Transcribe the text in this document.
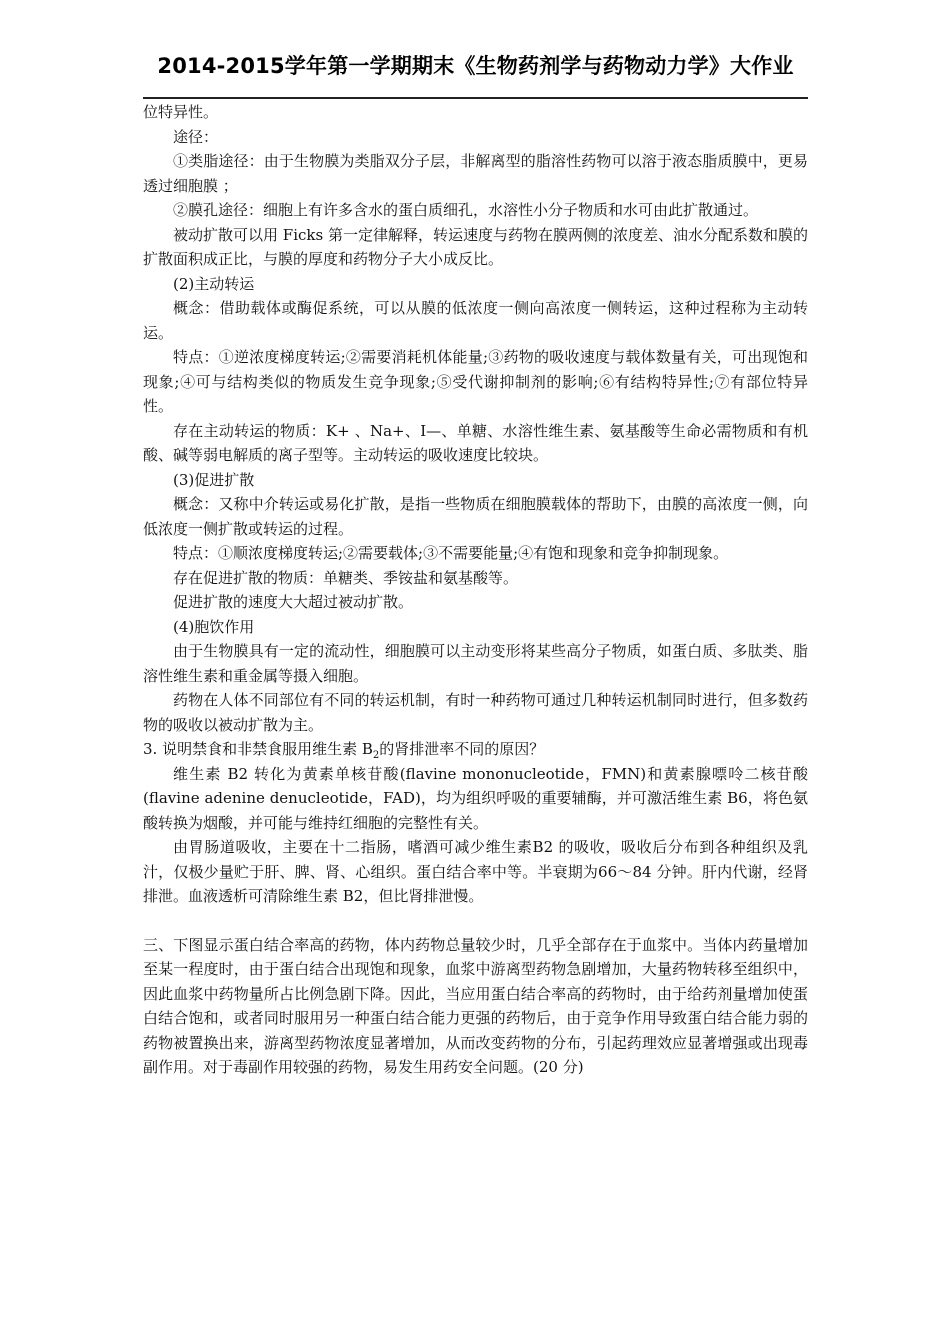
2014-2015学年第一学期期末《生物药剂学与药物动力学》大作业

位特异性。

途径：

①类脂途径：由于生物膜为类脂双分子层，非解离型的脂溶性药物可以溶于液态脂质膜中，更易透过细胞膜 ；

②膜孔途径：细胞上有许多含水的蛋白质细孔，水溶性小分子物质和水可由此扩散通过。

被动扩散可以用 Ficks 第一定律解释，转运速度与药物在膜两侧的浓度差、油水分配系数和膜的扩散面积成正比，与膜的厚度和药物分子大小成反比。

(2)主动转运

概念：借助载体或酶促系统，可以从膜的低浓度一侧向高浓度一侧转运，这种过程称为主动转运。

特点：①逆浓度梯度转运;②需要消耗机体能量;③药物的吸收速度与载体数量有关，可出现饱和现象;④可与结构类似的物质发生竞争现象;⑤受代谢抑制剂的影响;⑥有结构特异性;⑦有部位特异性。

存在主动转运的物质：K+ 、Na+、I—、单糖、水溶性维生素、氨基酸等生命必需物质和有机酸、碱等弱电解质的离子型等。主动转运的吸收速度比较块。

(3)促进扩散

概念：又称中介转运或易化扩散，是指一些物质在细胞膜载体的帮助下，由膜的高浓度一侧，向低浓度一侧扩散或转运的过程。

特点：①顺浓度梯度转运;②需要载体;③不需要能量;④有饱和现象和竞争抑制现象。

存在促进扩散的物质：单糖类、季铵盐和氨基酸等。

促进扩散的速度大大超过被动扩散。

(4)胞饮作用

由于生物膜具有一定的流动性，细胞膜可以主动变形将某些高分子物质，如蛋白质、多肽类、脂溶性维生素和重金属等摄入细胞。

药物在人体不同部位有不同的转运机制，有时一种药物可通过几种转运机制同时进行，但多数药物的吸收以被动扩散为主。

3. 说明禁食和非禁食服用维生素 $B_2$的肾排泄率不同的原因？

维生素 B2 转化为黄素单核苷酸(flavine mononucleotide，FMN)和黄素腺嘌呤二核苷酸(flavine adenine denucleotide，FAD)，均为组织呼吸的重要辅酶，并可激活维生素 B6，将色氨酸转换为烟酸，并可能与维持红细胞的完整性有关。

由胃肠道吸收，主要在十二指肠，嗜酒可减少维生素B2 的吸收，吸收后分布到各种组织及乳汁，仅极少量贮于肝、脾、肾、心组织。蛋白结合率中等。半衰期为66～84 分钟。肝内代谢，经肾排泄。血液透析可清除维生素 B2，但比肾排泄慢。

三、下图显示蛋白结合率高的药物，体内药物总量较少时，几乎全部存在于血浆中。当体内药量增加至某一程度时，由于蛋白结合出现饱和现象，血浆中游离型药物急剧增加，大量药物转移至组织中，因此血浆中药物量所占比例急剧下降。因此，当应用蛋白结合率高的药物时，由于给药剂量增加使蛋白结合饱和，或者同时服用另一种蛋白结合能力更强的药物后，由于竞争作用导致蛋白结合能力弱的药物被置换出来，游离型药物浓度显著增加，从而改变药物的分布，引起药理效应显著增强或出现毒副作用。对于毒副作用较强的药物，易发生用药安全问题。(20 分)
